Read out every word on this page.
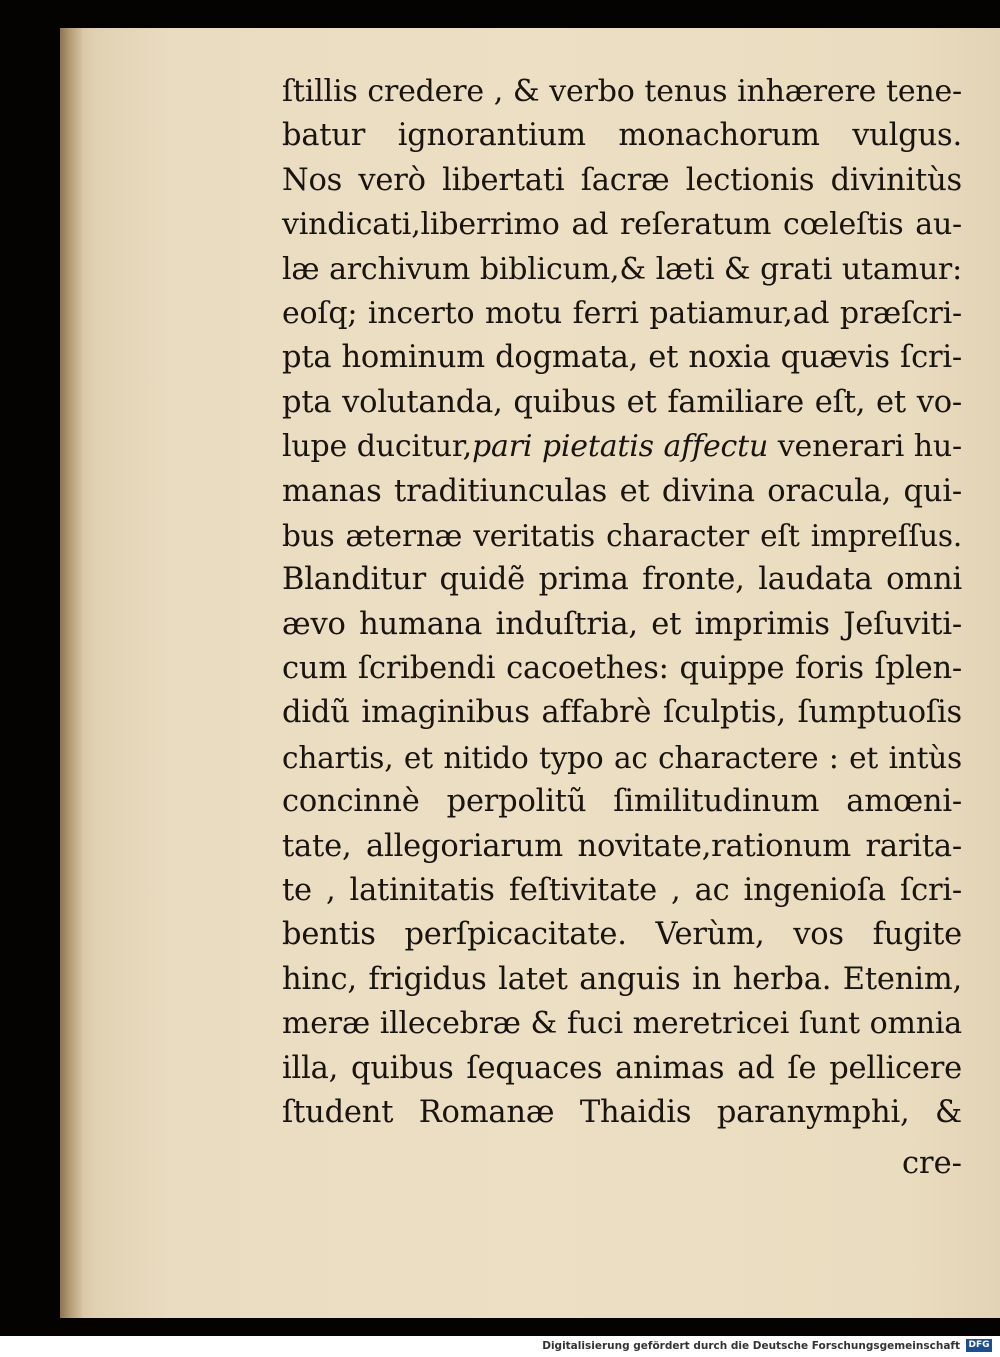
ſtillis credere , & verbo tenus inhærere tene-
batur ignorantium monachorum vulgus.
Nos verò libertati ſacræ lectionis divinitùs
vindicati,liberrimo ad reſeratum cœleſtis au-
læ archivum biblicum,& læti & grati utamur:
eoſq; incerto motu ferri patiamur,ad præſcri-
pta hominum dogmata, et noxia quævis ſcri-
pta volutanda, quibus et familiare eſt, et vo-
lupe ducitur,pari pietatis affectu venerari hu-
manas traditiunculas et divina oracula, qui-
bus æternæ veritatis character eſt impreſſus.
Blanditur quidẽ prima fronte, laudata omni
ævo humana induſtria, et imprimis Jeſuviti-
cum ſcribendi cacoethes: quippe foris ſplen-
didũ imaginibus affabrè ſculptis, ſumptuoſis
chartis, et nitido typo ac charactere : et intùs
concinnè perpolitũ ſimilitudinum amœni-
tate, allegoriarum novitate,rationum rarita-
te , latinitatis feſtivitate , ac ingenioſa ſcri-
bentis perſpicacitate. Verùm, vos fugite
hinc, frigidus latet anguis in herba. Etenim,
meræ illecebræ & fuci meretricei ſunt omnia
illa, quibus ſequaces animas ad ſe pellicere
ſtudent Romanæ Thaidis paranymphi, &
cre-
Digitalisierung gefördert durch die Deutsche Forschungsgemeinschaft DFG
